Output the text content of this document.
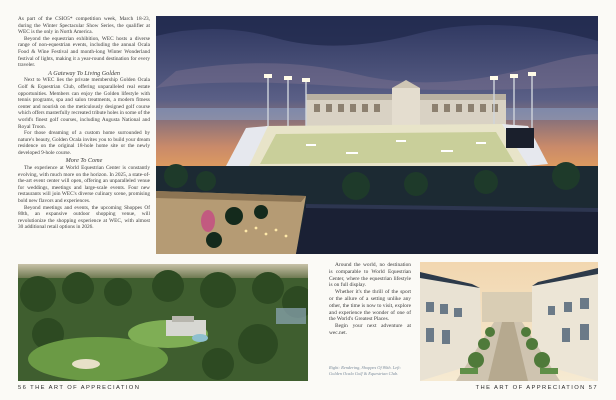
As part of the CSIO5* competition week, March 18-23, during the Winter Spectacular Show Series, the qualifier at WEC is the only in North America.

Beyond the equestrian exhibition, WEC hosts a diverse range of non-equestrian events, including the annual Ocala Food & Wine Festival and month-long Winter Wonderland festival of lights, making it a year-round destination for every traveler.

A Gateway To Living Golden

Next to WEC lies the private membership Golden Ocala Golf & Equestrian Club, offering unparalleled real estate opportunities. Members can enjoy the Golden lifestyle with tennis programs, spa and salon treatments, a modern fitness center and nourish on the meticulously designed golf course which offers masterfully recreated tribute holes in some of the world's finest golf courses, including Augusta National and Royal Troon.

For those dreaming of a custom home surrounded by nature's beauty, Golden Ocala invites you to build your dream residence on the original 18-hole home site or the newly developed 9-hole course.

More To Come

The experience at World Equestrian Center is constantly evolving, with much more on the horizon. In 2025, a state-of-the-art event center will open, offering an unparalleled venue for weddings, meetings and large-scale events. Four new restaurants will join WEC's diverse culinary scene, promising bold new flavors and experiences.

Beyond meetings and events, the upcoming Shoppes Of 80th, an expansive outdoor shopping venue, will revolutionize the shopping experience at WEC, with almost 30 additional retail options in 2026.

Around the world, no destination is comparable to World Equestrian Center, where the equestrian lifestyle is on full display.

Whether it's the thrill of the sport or the allure of a setting unlike any other, the time is now to visit, explore and experience the wonder of one of the World's Greatest Places.

Begin your next adventure at wec.net.

Right: Rendering, Shoppes Of 80th. Left: Golden Ocala Golf & Equestrian Club.
56 THE ART OF APPRECIATION	THE ART OF APPRECIATION 57
